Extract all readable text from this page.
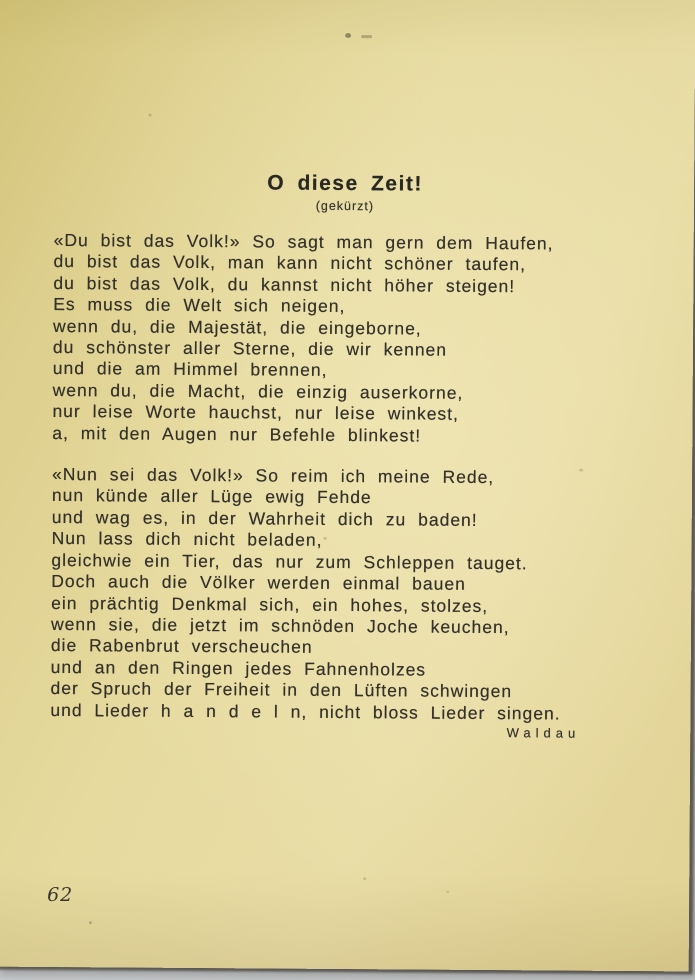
O diese Zeit!
(gekürzt)
«Du bist das Volk!» So sagt man gern dem Haufen,
du bist das Volk, man kann nicht schöner taufen,
du bist das Volk, du kannst nicht höher steigen!
Es muss die Welt sich neigen,
wenn du, die Majestät, die eingeborne,
du schönster aller Sterne, die wir kennen
und die am Himmel brennen,
wenn du, die Macht, die einzig auserkorne,
nur leise Worte hauchst, nur leise winkest,
a, mit den Augen nur Befehle blinkest!
«Nun sei das Volk!» So reim ich meine Rede,
nun künde aller Lüge ewig Fehde
und wag es, in der Wahrheit dich zu baden!
Nun lass dich nicht beladen,
gleichwie ein Tier, das nur zum Schleppen tauget.
Doch auch die Völker werden einmal bauen
ein prächtig Denkmal sich, ein hohes, stolzes,
wenn sie, die jetzt im schnöden Joche keuchen,
die Rabenbrut verscheuchen
und an den Ringen jedes Fahnenholzes
der Spruch der Freiheit in den Lüften schwingen
und Lieder h a n d e l n, nicht bloss Lieder singen.
Waldau
62
